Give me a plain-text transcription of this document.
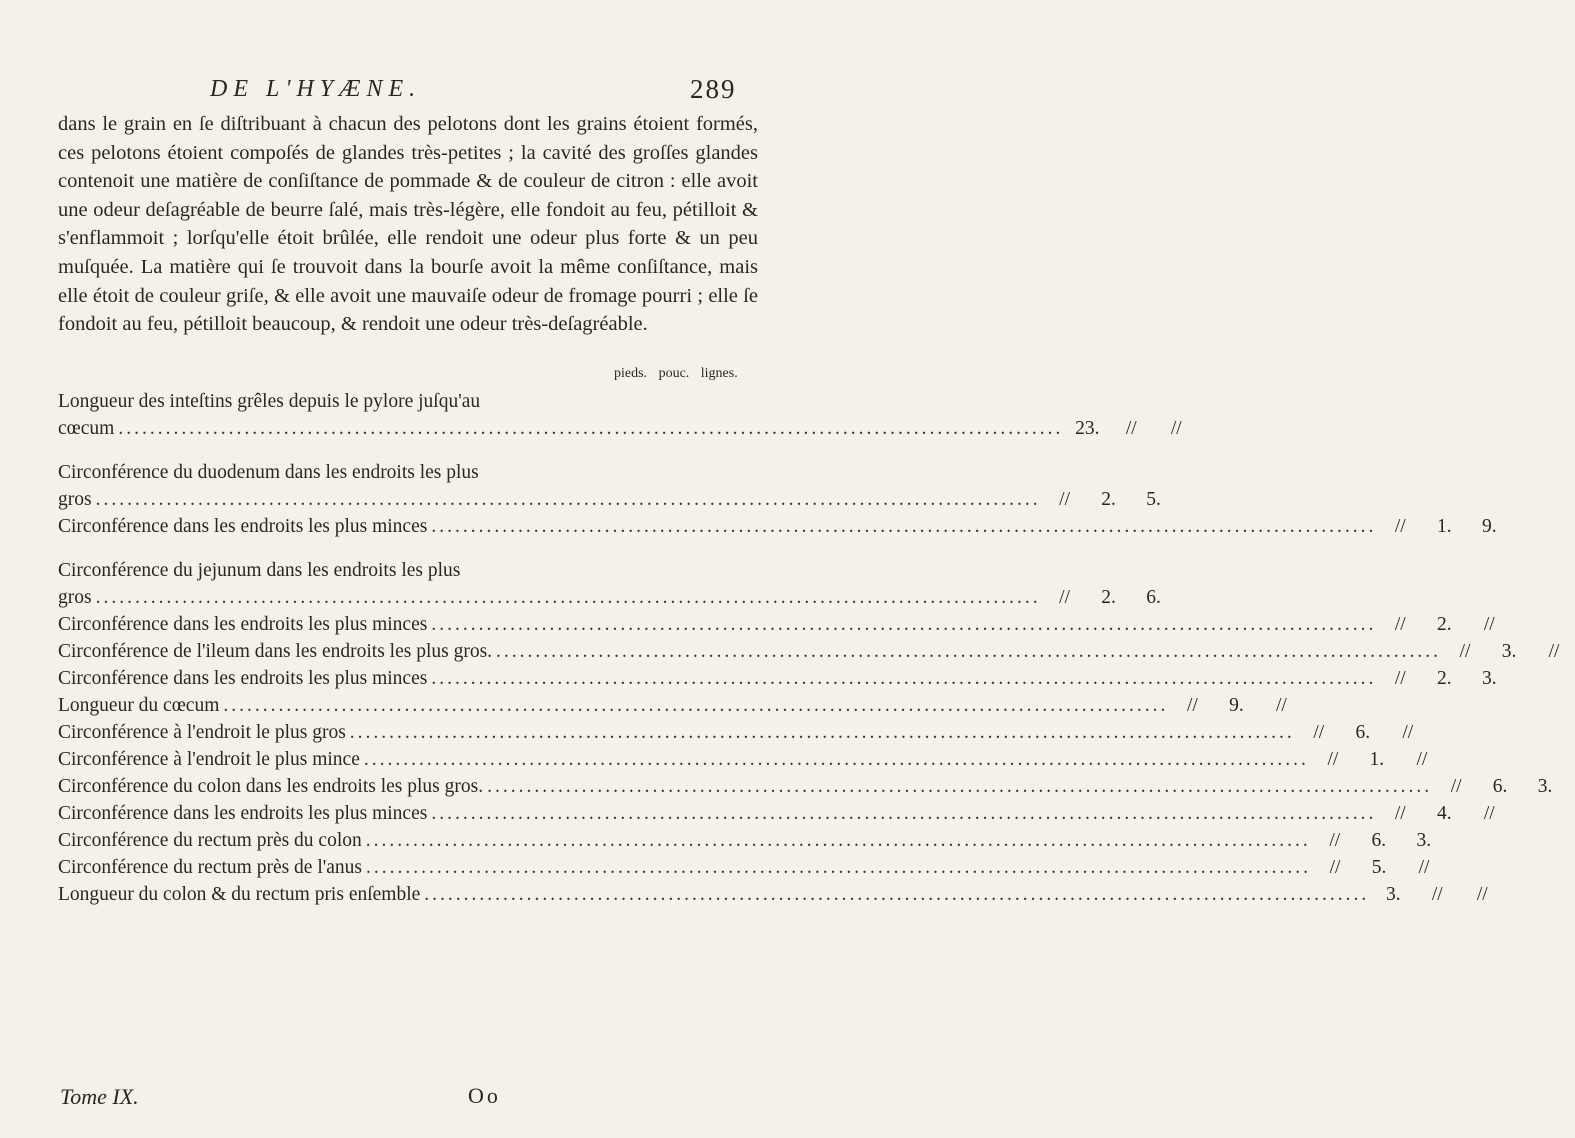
DE L'HYÆNE.	289
dans le grain en ſe diſtribuant à chacun des pelotons dont les grains étoient formés, ces pelotons étoient compoſés de glandes très-petites ; la cavité des groſſes glandes contenoit une matière de conſiſtance de pommade & de couleur de citron : elle avoit une odeur deſagréable de beurre ſalé, mais très-légère, elle fondoit au feu, pétilloit & s'enflammoit ; lorſqu'elle étoit brûlée, elle rendoit une odeur plus forte & un peu muſquée. La matière qui ſe trouvoit dans la bourſe avoit la même conſiſtance, mais elle étoit de couleur griſe, & elle avoit une mauvaiſe odeur de fromage pourri ; elle ſe fondoit au feu, pétilloit beaucoup, & rendoit une odeur très-deſagréable.
pieds. pouc. lignes.
Longueur des inteſtins grêles depuis le pylore juſqu'au
cœcum ........................................................................................................................ 23.	//	//
Circonférence du duodenum dans les endroits les plus
gros ........................................................................................................................ //	2.	5.
Circonférence dans les endroits les plus minces ........................................................................................................................ //	1.	9.
Circonférence du jejunum dans les endroits les plus
gros ........................................................................................................................ //	2.	6.
Circonférence dans les endroits les plus minces ........................................................................................................................ //	2.	//
Circonférence de l'ileum dans les endroits les plus gros. ........................................................................................................................ //	3.	//
Circonférence dans les endroits les plus minces ........................................................................................................................ //	2.	3.
Longueur du cœcum ........................................................................................................................ //	9.	//
Circonférence à l'endroit le plus gros ........................................................................................................................ //	6.	//
Circonférence à l'endroit le plus mince ........................................................................................................................ //	1.	//
Circonférence du colon dans les endroits les plus gros. ........................................................................................................................ //	6.	3.
Circonférence dans les endroits les plus minces ........................................................................................................................ //	4.	//
Circonférence du rectum près du colon ........................................................................................................................ //	6.	3.
Circonférence du rectum près de l'anus ........................................................................................................................ //	5.	//
Longueur du colon & du rectum pris enſemble ........................................................................................................................ 3.	//	//
Tome IX.	Oo
